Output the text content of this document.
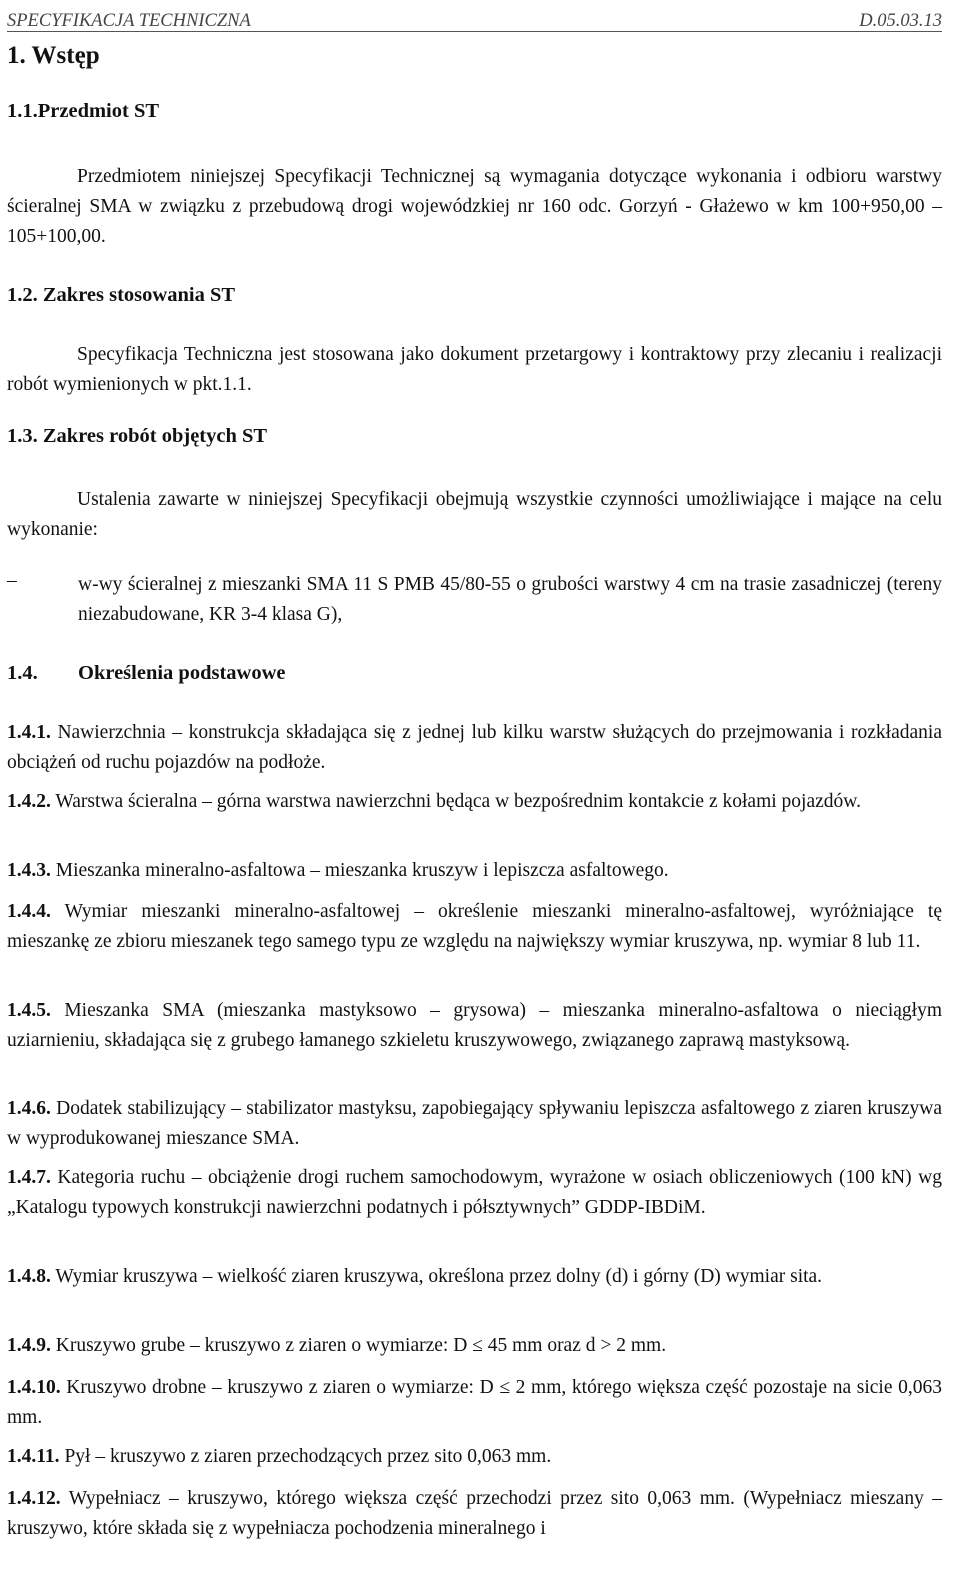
SPECYFIKACJA TECHNICZNA	D.05.03.13
1. Wstęp
1.1.Przedmiot ST
Przedmiotem niniejszej Specyfikacji Technicznej są wymagania dotyczące wykonania i odbioru warstwy ścieralnej SMA w związku z przebudową drogi wojewódzkiej nr 160 odc. Gorzyń - Głażewo w km 100+950,00 – 105+100,00.
1.2. Zakres stosowania ST
Specyfikacja Techniczna jest stosowana jako dokument przetargowy i kontraktowy przy zlecaniu i realizacji robót wymienionych w pkt.1.1.
1.3. Zakres robót objętych ST
Ustalenia zawarte w niniejszej Specyfikacji obejmują wszystkie czynności umożliwiające i mające na celu wykonanie:
–	w-wy ścieralnej z mieszanki SMA 11 S PMB 45/80-55 o grubości warstwy 4 cm na trasie zasadniczej (tereny niezabudowane, KR 3-4 klasa G),
1.4. Określenia podstawowe
1.4.1. Nawierzchnia – konstrukcja składająca się z jednej lub kilku warstw służących do przejmowania i rozkładania obciążeń od ruchu pojazdów na podłoże.
1.4.2. Warstwa ścieralna – górna warstwa nawierzchni będąca w bezpośrednim kontakcie z kołami pojazdów.
1.4.3. Mieszanka mineralno-asfaltowa – mieszanka kruszyw i lepiszcza asfaltowego.
1.4.4. Wymiar mieszanki mineralno-asfaltowej – określenie mieszanki mineralno-asfaltowej, wyróżniające tę mieszankę ze zbioru mieszanek tego samego typu ze względu na największy wymiar kruszywa, np. wymiar 8 lub 11.
1.4.5. Mieszanka SMA (mieszanka mastyksowo – grysowa) – mieszanka mineralno-asfaltowa o nieciągłym uziarnieniu, składająca się z grubego łamanego szkieletu kruszywowego, związanego zaprawą mastyksową.
1.4.6. Dodatek stabilizujący – stabilizator mastyksu, zapobiegający spływaniu lepiszcza asfaltowego z ziaren kruszywa w wyprodukowanej mieszance SMA.
1.4.7. Kategoria ruchu – obciążenie drogi ruchem samochodowym, wyrażone w osiach obliczeniowych (100 kN) wg „Katalogu typowych konstrukcji nawierzchni podatnych i półsztywnych” GDDP-IBDiM.
1.4.8. Wymiar kruszywa – wielkość ziaren kruszywa, określona przez dolny (d) i górny (D) wymiar sita.
1.4.9. Kruszywo grube – kruszywo z ziaren o wymiarze: D ≤ 45 mm oraz d > 2 mm.
1.4.10. Kruszywo drobne – kruszywo z ziaren o wymiarze: D ≤ 2 mm, którego większa część pozostaje na sicie 0,063 mm.
1.4.11. Pył – kruszywo z ziaren przechodzących przez sito 0,063 mm.
1.4.12. Wypełniacz – kruszywo, którego większa część przechodzi przez sito 0,063 mm. (Wypełniacz mieszany – kruszywo, które składa się z wypełniacza pochodzenia mineralnego i
